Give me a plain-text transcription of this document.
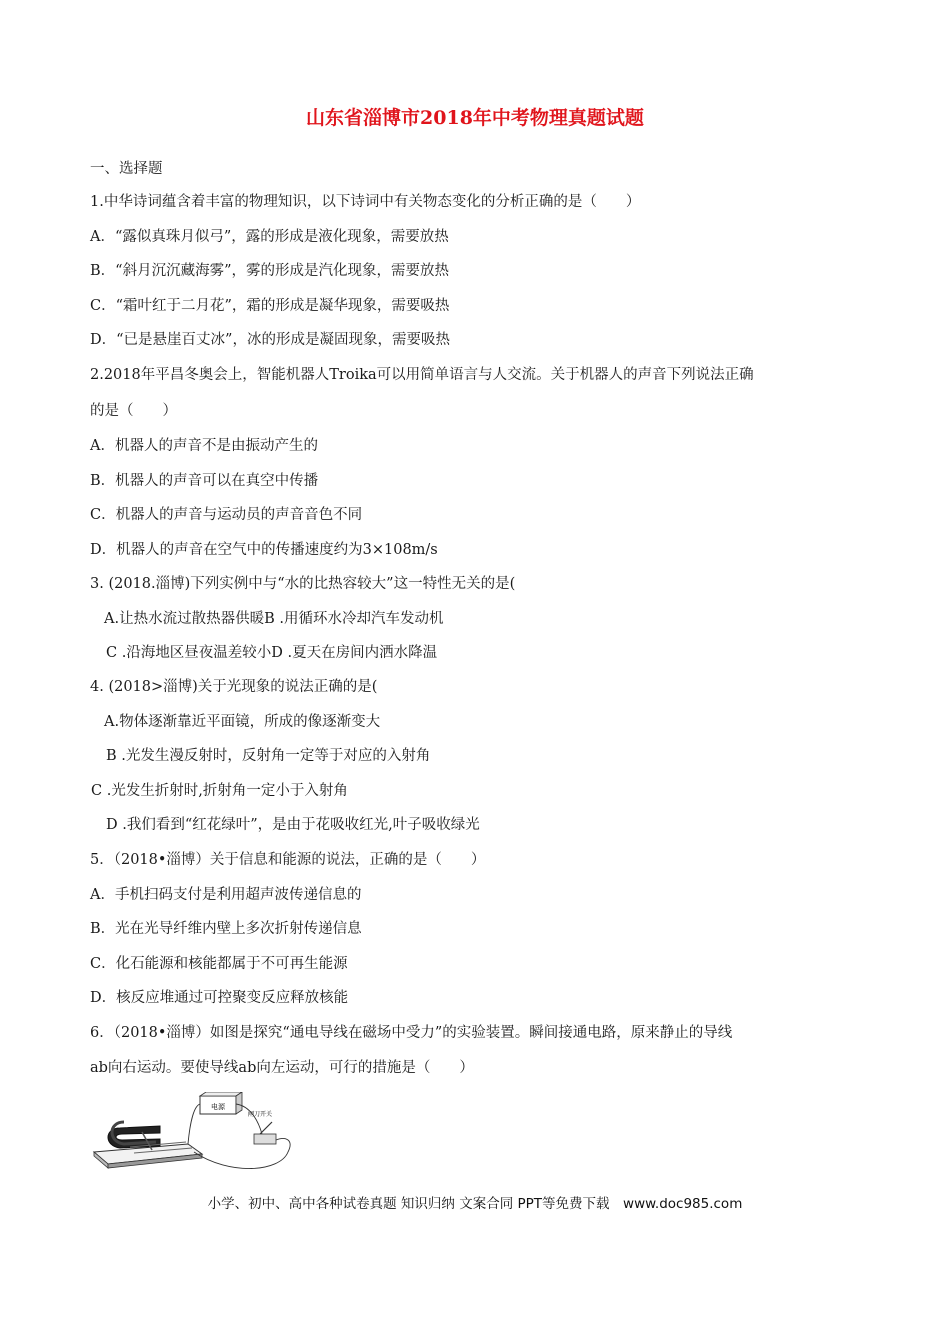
山东省淄博市2018年中考物理真题试题
一、选择题
1.中华诗词蕴含着丰富的物理知识，以下诗词中有关物态变化的分析正确的是（　　）
A．“露似真珠月似弓”，露的形成是液化现象，需要放热
B．“斜月沉沉藏海雾”，雾的形成是汽化现象，需要放热
C．“霜叶红于二月花”，霜的形成是凝华现象，需要吸热
D．“已是悬崖百丈冰”，冰的形成是凝固现象，需要吸热
2.2018年平昌冬奥会上，智能机器人Troika可以用简单语言与人交流。关于机器人的声音下列说法正确
的是（　　）
A．机器人的声音不是由振动产生的
B．机器人的声音可以在真空中传播
C．机器人的声音与运动员的声音音色不同
D．机器人的声音在空气中的传播速度约为3×108m/s
3. (2018.淄博)下列实例中与“水的比热容较大”这一特性无关的是(
A.让热水流过散热器供暖B .用循环水冷却汽车发动机
C .沿海地区昼夜温差较小D .夏天在房间内洒水降温
4. (2018>淄博)关于光现象的说法正确的是(
A.物体逐渐靠近平面镜，所成的像逐渐变大
B .光发生漫反射时，反射角一定等于对应的入射角
C .光发生折射时,折射角一定小于入射角
D .我们看到“红花绿叶”，是由于花吸收红光,叶子吸收绿光
5．（2018•淄博）关于信息和能源的说法，正确的是（　　）
A．手机扫码支付是利用超声波传递信息的
B．光在光导纤维内壁上多次折射传递信息
C．化石能源和核能都属于不可再生能源
D．核反应堆通过可控聚变反应释放核能
6．（2018•淄博）如图是探究“通电导线在磁场中受力”的实验装置。瞬间接通电路，原来静止的导线
ab向右运动。要使导线ab向左运动，可行的措施是（　　）
电源
闸刀开关
小学、初中、高中各种试卷真题 知识归纳 文案合同 PPT等免费下载　www.doc985.com
